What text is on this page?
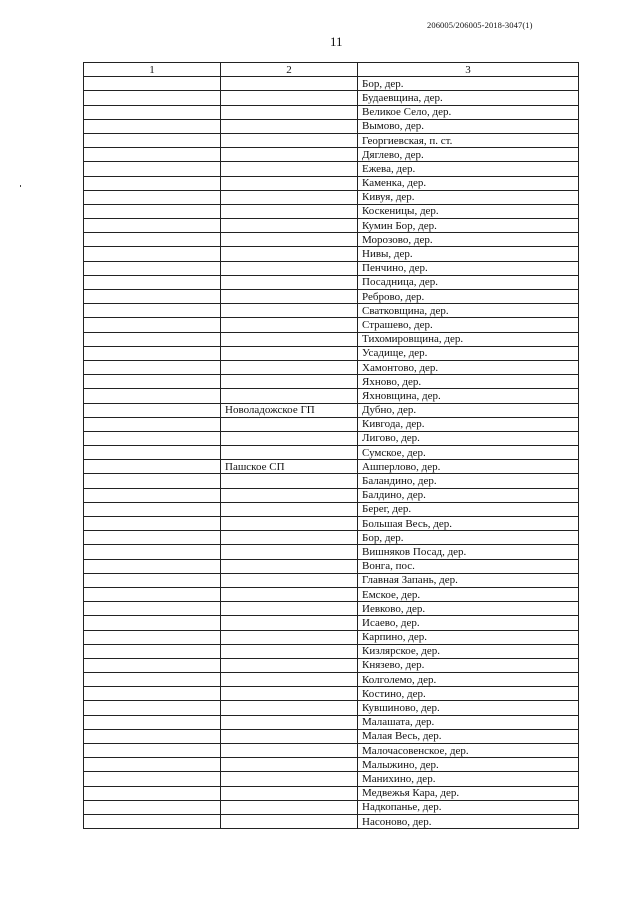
206005/206005-2018-3047(1)
11
1	2	3
		Бор, дер.
		Будаевщина, дер.
		Великое Село, дер.
		Вымово, дер.
		Георгиевская, п. ст.
		Дяглево, дер.
		Ежева, дер.
		Каменка, дер.
		Кивуя, дер.
		Коскеницы, дер.
		Кумин Бор, дер.
		Морозово, дер.
		Нивы, дер.
		Пенчино, дер.
		Посадница, дер.
		Реброво, дер.
		Сватковщина, дер.
		Страшево, дер.
		Тихомировщина, дер.
		Усадище, дер.
		Хамонтово, дер.
		Яхново, дер.
		Яхновщина, дер.
	Новоладожское ГП	Дубно, дер.
		Кивгода, дер.
		Лигово, дер.
		Сумское, дер.
	Пашское СП	Ашперлово, дер.
		Баландино, дер.
		Балдино, дер.
		Берег, дер.
		Большая Весь, дер.
		Бор, дер.
		Вишняков Посад, дер.
		Вонга, пос.
		Главная Запань, дер.
		Емское, дер.
		Иевково, дер.
		Исаево, дер.
		Карпино, дер.
		Кизлярское, дер.
		Князево, дер.
		Колголемо, дер.
		Костино, дер.
		Кувшиново, дер.
		Малашата, дер.
		Малая Весь, дер.
		Малочасовенское, дер.
		Малыжино, дер.
		Манихино, дер.
		Медвежья Кара, дер.
		Надкопанье, дер.
		Насоново, дер.
